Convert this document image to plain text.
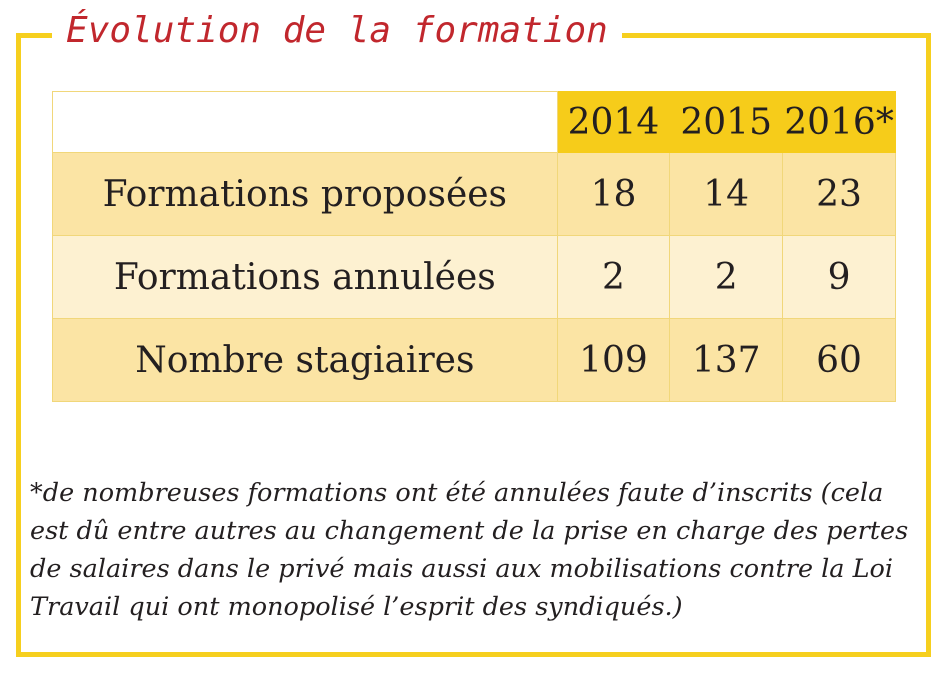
Évolution de la formation
	2014	2015	2016*
Formations proposées	18	14	23
Formations annulées	2	2	9
Nombre stagiaires	109	137	60

*de nombreuses formations ont été annulées faute d’inscrits (cela est dû entre autres au changement de la prise en charge des pertes de salaires dans le privé mais aussi aux mobilisations contre la Loi Travail qui ont monopolisé l’esprit des syndiqués.)
